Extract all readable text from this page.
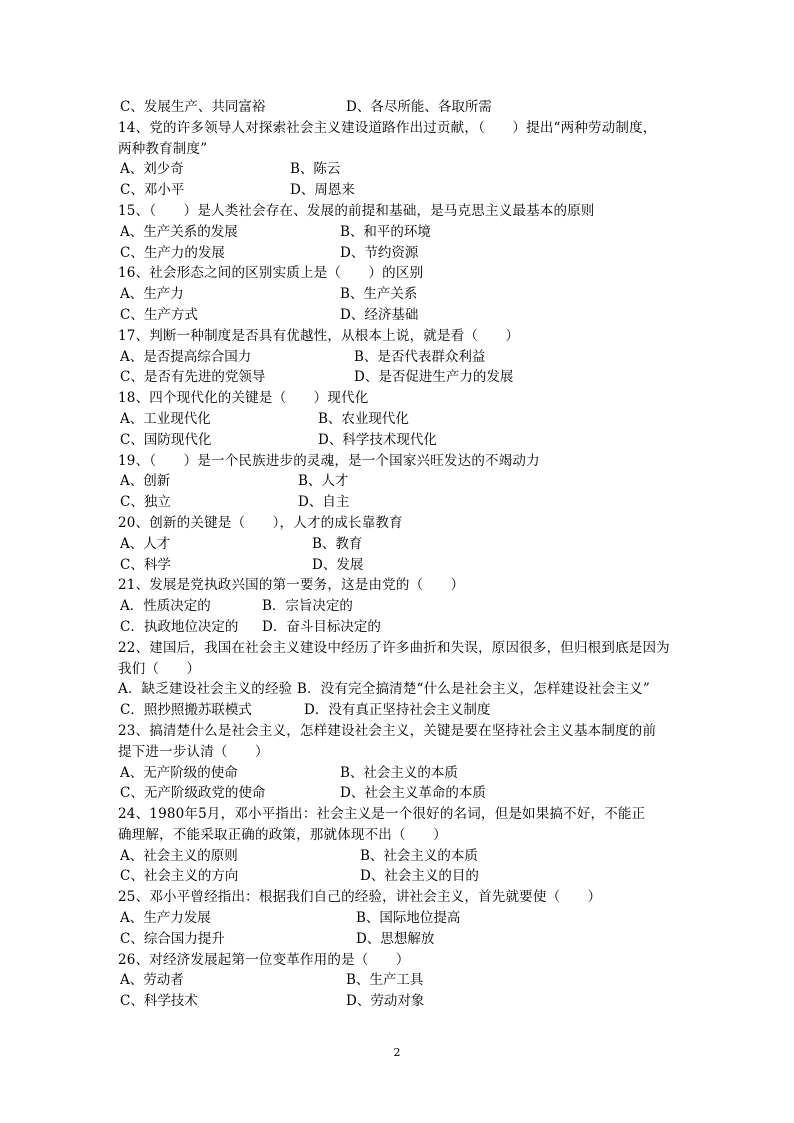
C、发展生产、共同富裕	D、各尽所能、各取所需
14、党的许多领导人对探索社会主义建设道路作出过贡献，（　　）提出“两种劳动制度，
两种教育制度”
A、刘少奇	B、陈云
C、邓小平	D、周恩来
15、（　　）是人类社会存在、发展的前提和基础，是马克思主义最基本的原则
A、生产关系的发展	B、和平的环境
C、生产力的发展	D、节约资源
16、社会形态之间的区别实质上是（　　）的区别
A、生产力	B、生产关系
C、生产方式	D、经济基础
17、判断一种制度是否具有优越性，从根本上说，就是看（　　）
A、是否提高综合国力	B、是否代表群众利益
C、是否有先进的党领导	D、是否促进生产力的发展
18、四个现代化的关键是（　　）现代化
A、工业现代化	B、农业现代化
C、国防现代化	D、科学技术现代化
19、（　　）是一个民族进步的灵魂，是一个国家兴旺发达的不竭动力
A、创新	B、人才
C、独立	D、自主
20、创新的关键是（　　），人才的成长靠教育
A、人才	B、教育
C、科学	D、发展
21、发展是党执政兴国的第一要务，这是由党的（　　）
A．性质决定的	B．宗旨决定的
C．执政地位决定的 D．奋斗目标决定的
22、建国后，我国在社会主义建设中经历了许多曲折和失误，原因很多，但归根到底是因为
我们（　　）
A．缺乏建设社会主义的经验 B．没有完全搞清楚“什么是社会主义，怎样建设社会主义”
C．照抄照搬苏联模式	D．没有真正坚持社会主义制度
23、搞清楚什么是社会主义，怎样建设社会主义，关键是要在坚持社会主义基本制度的前
提下进一步认清（　　）
A、无产阶级的使命	B、社会主义的本质
C、无产阶级政党的使命	D、社会主义革命的本质
24、1980年5月，邓小平指出：社会主义是一个很好的名词，但是如果搞不好，不能正
确理解，不能采取正确的政策，那就体现不出（　　）
A、社会主义的原则	B、社会主义的本质
C、社会主义的方向	D、社会主义的目的
25、邓小平曾经指出：根据我们自己的经验，讲社会主义，首先就要使（　　）
A、生产力发展	B、国际地位提高
C、综合国力提升	D、思想解放
26、对经济发展起第一位变革作用的是（　　）
A、劳动者	B、生产工具
C、科学技术	D、劳动对象
2
